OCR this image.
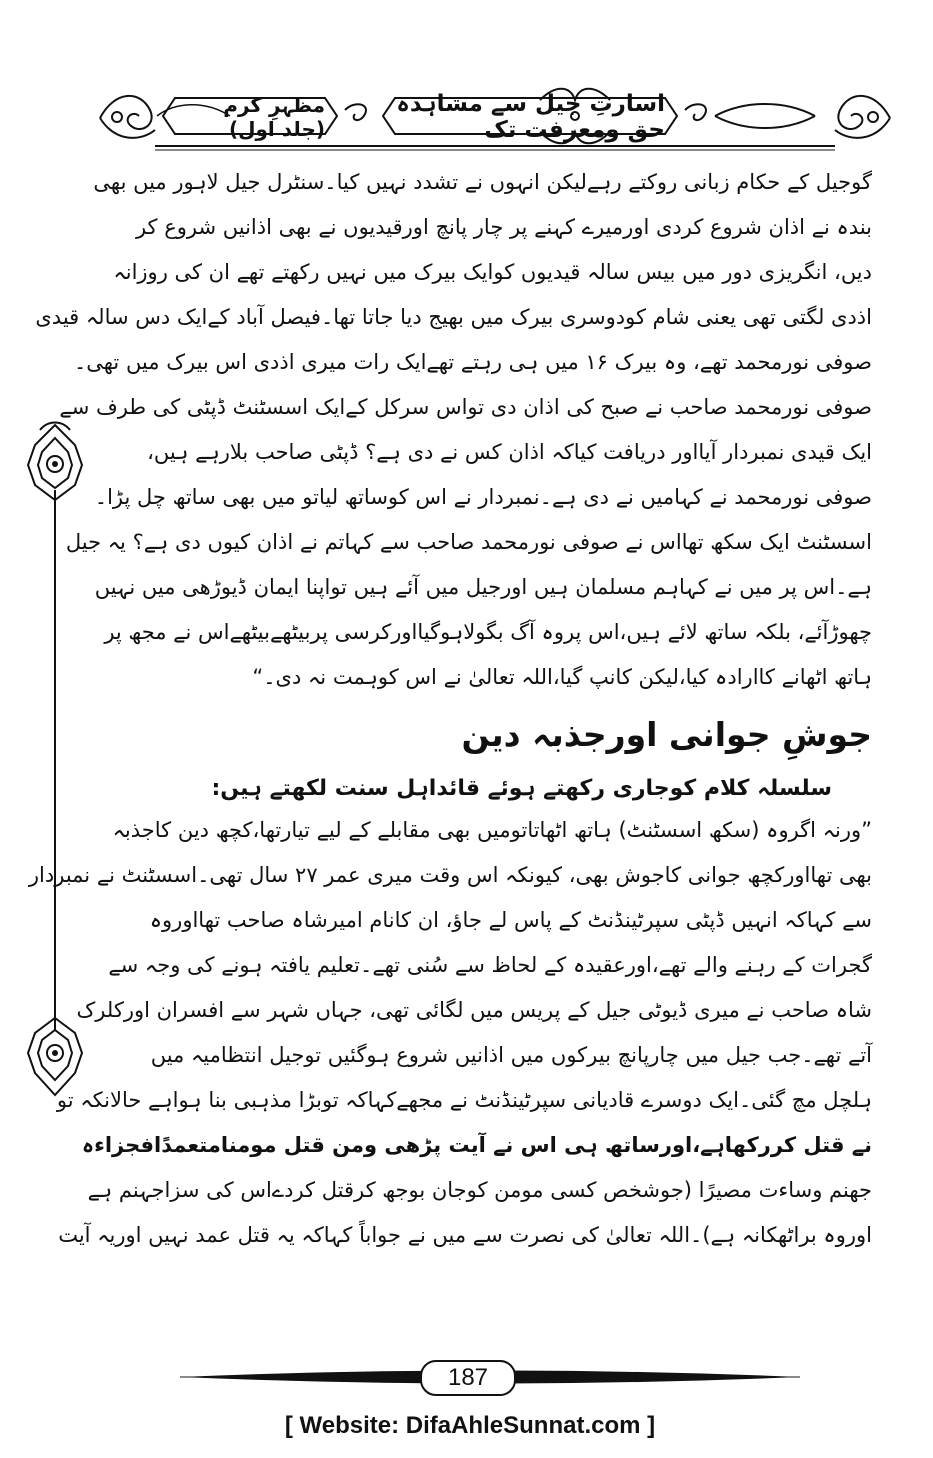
اسارتِ جیل سے مشاہدہ حق ومعرفت تک
مظہرِ کرم (جلد اول)
گوجیل کے حکام زبانی روکتے رہےلیکن انہوں نے تشدد نہیں کیا۔سنٹرل جیل لاہور میں بھی
بندہ نے اذان شروع کردی اورمیرے کہنے پر چار پانچ اورقیدیوں نے بھی اذانیں شروع کر
دیں، انگریزی دور میں بیس سالہ قیدیوں کوایک بیرک میں نہیں رکھتے تھے ان کی روزانہ
اذدی لگتی تھی یعنی شام کودوسری بیرک میں بھیج دیا جاتا تھا۔فیصل آباد کےایک دس سالہ قیدی
صوفی نورمحمد تھے، وہ بیرک ۱۶ میں ہی رہتے تھےایک رات میری اذدی اس بیرک میں تھی۔
صوفی نورمحمد صاحب نے صبح کی اذان دی تواس سرکل کےایک اسسٹنٹ ڈپٹی کی طرف سے
ایک قیدی نمبردار آیااور دریافت کیاکہ اذان کس نے دی ہے؟ ڈپٹی صاحب بلارہے ہیں،
صوفی نورمحمد نے کہامیں نے دی ہے۔نمبردار نے اس کوساتھ لیاتو میں بھی ساتھ چل پڑا۔
اسسٹنٹ ایک سکھ تھااس نے صوفی نورمحمد صاحب سے کہاتم نے اذان کیوں دی ہے؟ یہ جیل
ہے۔اس پر میں نے کہاہم مسلمان ہیں اورجیل میں آئے ہیں تواپنا ایمان ڈیوڑھی میں نہیں
چھوڑآئے، بلکہ ساتھ لائے ہیں،اس پروہ آگ بگولاہوگیااورکرسی پربیٹھےبیٹھےاس نے مجھ پر
ہاتھ اٹھانے کاارادہ کیا،لیکن کانپ گیا،اللہ تعالیٰ نے اس کوہمت نہ دی۔“
جوشِ جوانی اورجذبہ دین
سلسلہ کلام کوجاری رکھتے ہوئے قائداہل سنت لکھتے ہیں:
”ورنہ اگروہ (سکھ اسسٹنٹ) ہاتھ اٹھاتاتومیں بھی مقابلے کے لیے تیارتھا،کچھ دین کاجذبہ
بھی تھااورکچھ جوانی کاجوش بھی، کیونکہ اس وقت میری عمر ۲۷ سال تھی۔اسسٹنٹ نے نمبردار
سے کہاکہ انہیں ڈپٹی سپرٹینڈنٹ کے پاس لے جاؤ، ان کانام امیرشاہ صاحب تھااوروہ
گجرات کے رہنے والے تھے،اورعقیدہ کے لحاظ سے سُنی تھے۔تعلیم یافتہ ہونے کی وجہ سے
شاہ صاحب نے میری ڈیوٹی جیل کے پریس میں لگائی تھی، جہاں شہر سے افسران اورکلرک
آتے تھے۔جب جیل میں چارپانچ بیرکوں میں اذانیں شروع ہوگئیں توجیل انتظامیہ میں
ہلچل مچ گئی۔ایک دوسرے قادیانی سپرٹینڈنٹ نے مجھےکہاکہ توبڑا مذہبی بنا ہواہے حالانکہ تو
نے قتل کررکھاہے،اورساتھ ہی اس نے آیت پڑھی ومن قتل مومنامتعمدًافجزاءہ
جھنم وساءت مصیرًا (جوشخص کسی مومن کوجان بوجھ کرقتل کردےاس کی سزاجہنم ہے
اوروہ براٹھکانہ ہے)۔اللہ تعالیٰ کی نصرت سے میں نے جواباً کہاکہ یہ قتل عمد نہیں اوریہ آیت
187
[ Website: DifaAhleSunnat.com ]
